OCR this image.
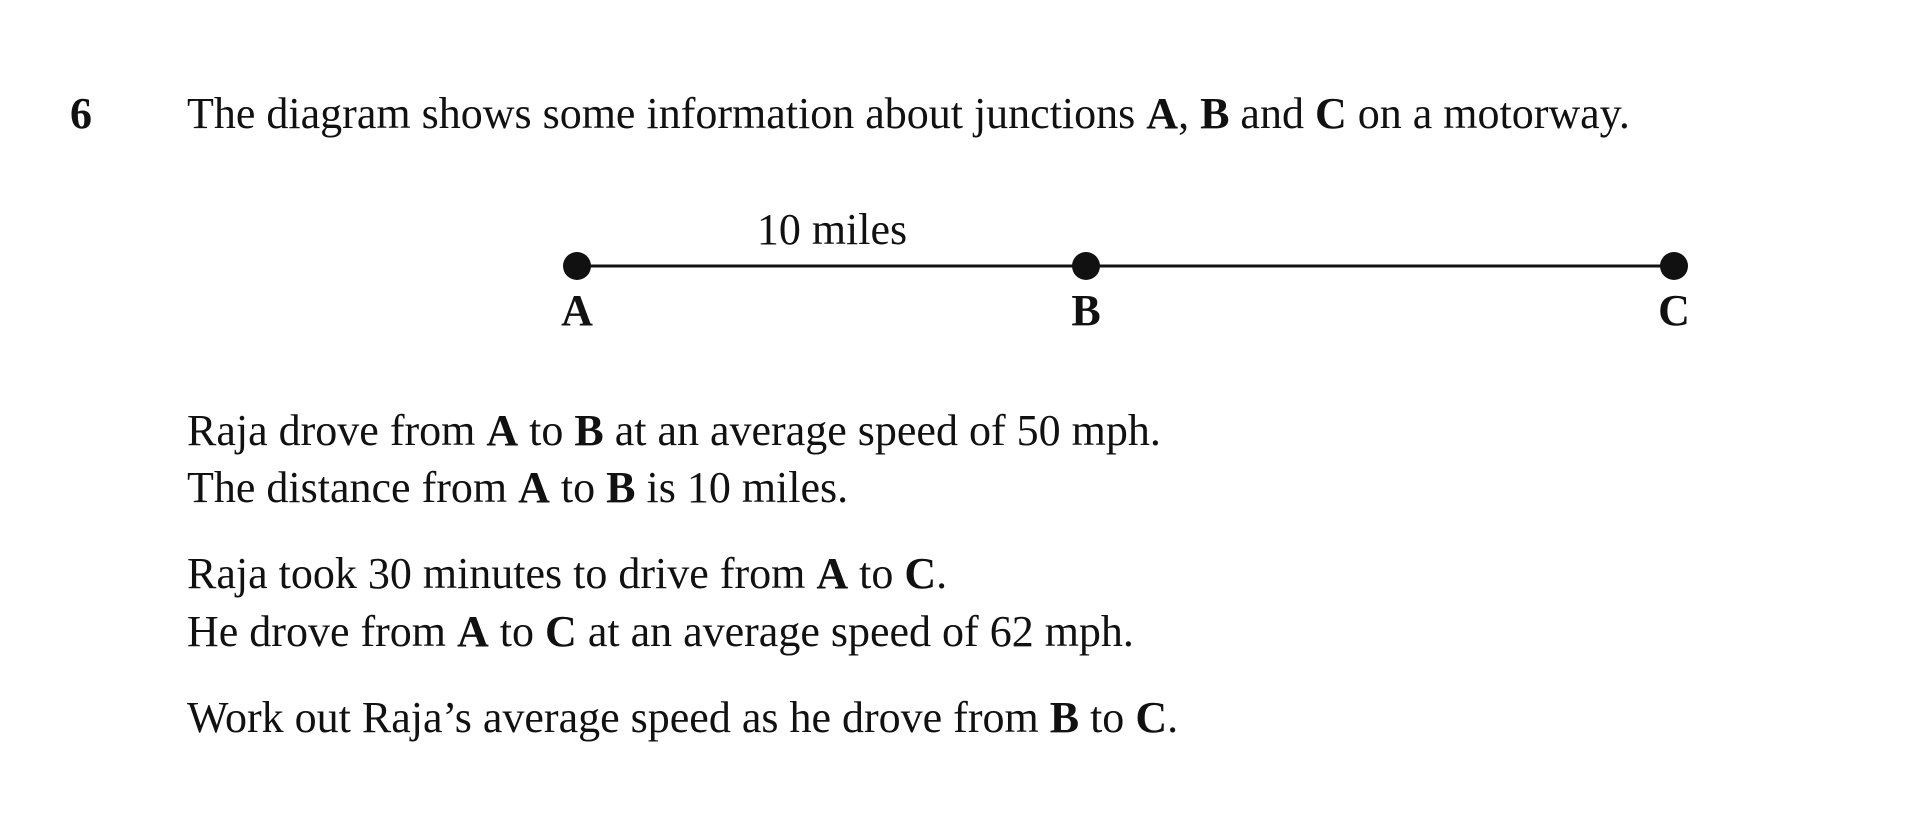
6 The diagram shows some information about junctions A, B and C on a motorway.
10 miles
A	B	C
Raja drove from A to B at an average speed of 50 mph.
The distance from A to B is 10 miles.
Raja took 30 minutes to drive from A to C.
He drove from A to C at an average speed of 62 mph.
Work out Raja’s average speed as he drove from B to C.
